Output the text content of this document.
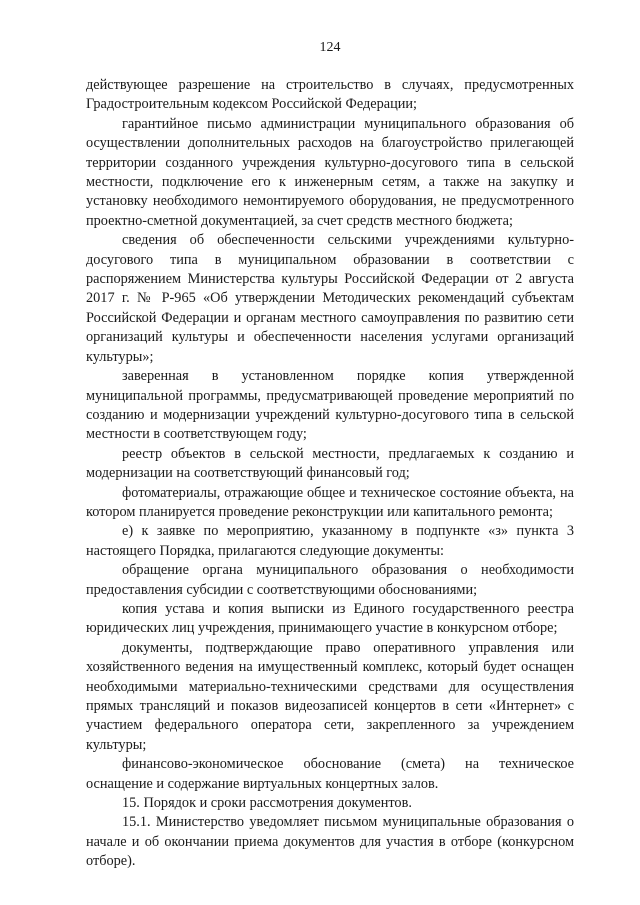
124

действующее разрешение на строительство в случаях, предусмотренных Градостроительным кодексом Российской Федерации;

гарантийное письмо администрации муниципального образования об осуществлении дополнительных расходов на благоустройство прилегающей территории созданного учреждения культурно-досугового типа в сельской местности, подключение его к инженерным сетям, а также на закупку и установку необходимого немонтируемого оборудования, не предусмотренного проектно-сметной документацией, за счет средств местного бюджета;

сведения об обеспеченности сельскими учреждениями культурно-досугового типа в муниципальном образовании в соответствии с распоряжением Министерства культуры Российской Федерации от 2 августа 2017 г. № Р-965 «Об утверждении Методических рекомендаций субъектам Российской Федерации и органам местного самоуправления по развитию сети организаций культуры и обеспеченности населения услугами организаций культуры»;

заверенная в установленном порядке копия утвержденной муниципальной программы, предусматривающей проведение мероприятий по созданию и модернизации учреждений культурно-досугового типа в сельской местности в соответствующем году;

реестр объектов в сельской местности, предлагаемых к созданию и модернизации на соответствующий финансовый год;

фотоматериалы, отражающие общее и техническое состояние объекта, на котором планируется проведение реконструкции или капитального ремонта;

е) к заявке по мероприятию, указанному в подпункте «з» пункта 3 настоящего Порядка, прилагаются следующие документы:

обращение органа муниципального образования о необходимости предоставления субсидии с соответствующими обоснованиями;

копия устава и копия выписки из Единого государственного реестра юридических лиц учреждения, принимающего участие в конкурсном отборе;

документы, подтверждающие право оперативного управления или хозяйственного ведения на имущественный комплекс, который будет оснащен необходимыми материально-техническими средствами для осуществления прямых трансляций и показов видеозаписей концертов в сети «Интернет» с участием федерального оператора сети, закрепленного за учреждением культуры;

финансово-экономическое обоснование (смета) на техническое оснащение и содержание виртуальных концертных залов.

15. Порядок и сроки рассмотрения документов.

15.1. Министерство уведомляет письмом муниципальные образования о начале и об окончании приема документов для участия в отборе (конкурсном отборе).
